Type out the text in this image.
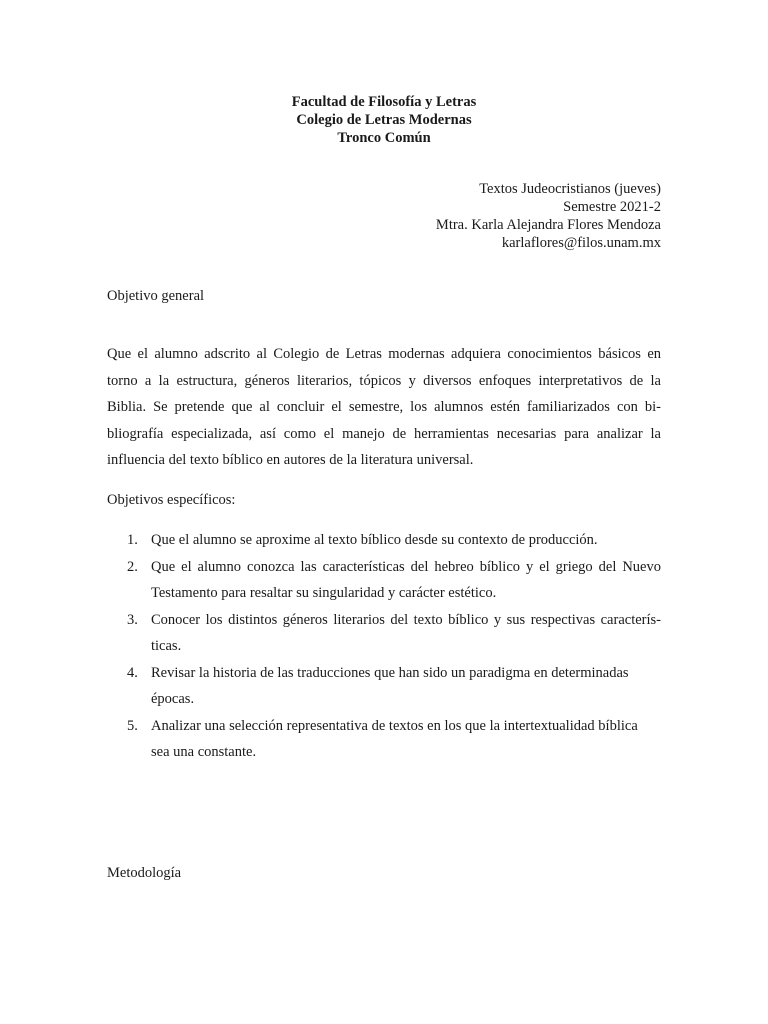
Facultad de Filosofía y Letras
Colegio de Letras Modernas
Tronco Común
Textos Judeocristianos (jueves)
Semestre 2021-2
Mtra. Karla Alejandra Flores Mendoza
karlaflores@filos.unam.mx
Objetivo general
Que el alumno adscrito al Colegio de Letras modernas adquiera conocimientos básicos en
torno a la estructura, géneros literarios, tópicos y diversos enfoques interpretativos de la
Biblia. Se pretende que al concluir el semestre, los alumnos estén familiarizados con bi-
bliografía especializada, así como el manejo de herramientas necesarias para analizar la
influencia del texto bíblico en autores de la literatura universal.
Objetivos específicos:
1. Que el alumno se aproxime al texto bíblico desde su contexto de producción.
2. Que el alumno conozca las características del hebreo bíblico y el griego del Nuevo
Testamento para resaltar su singularidad y carácter estético.
3. Conocer los distintos géneros literarios del texto bíblico y sus respectivas caracterís-
ticas.
4. Revisar la historia de las traducciones que han sido un paradigma en determinadas
épocas.
5. Analizar una selección representativa de textos en los que la intertextualidad bíblica
sea una constante.
Metodología
